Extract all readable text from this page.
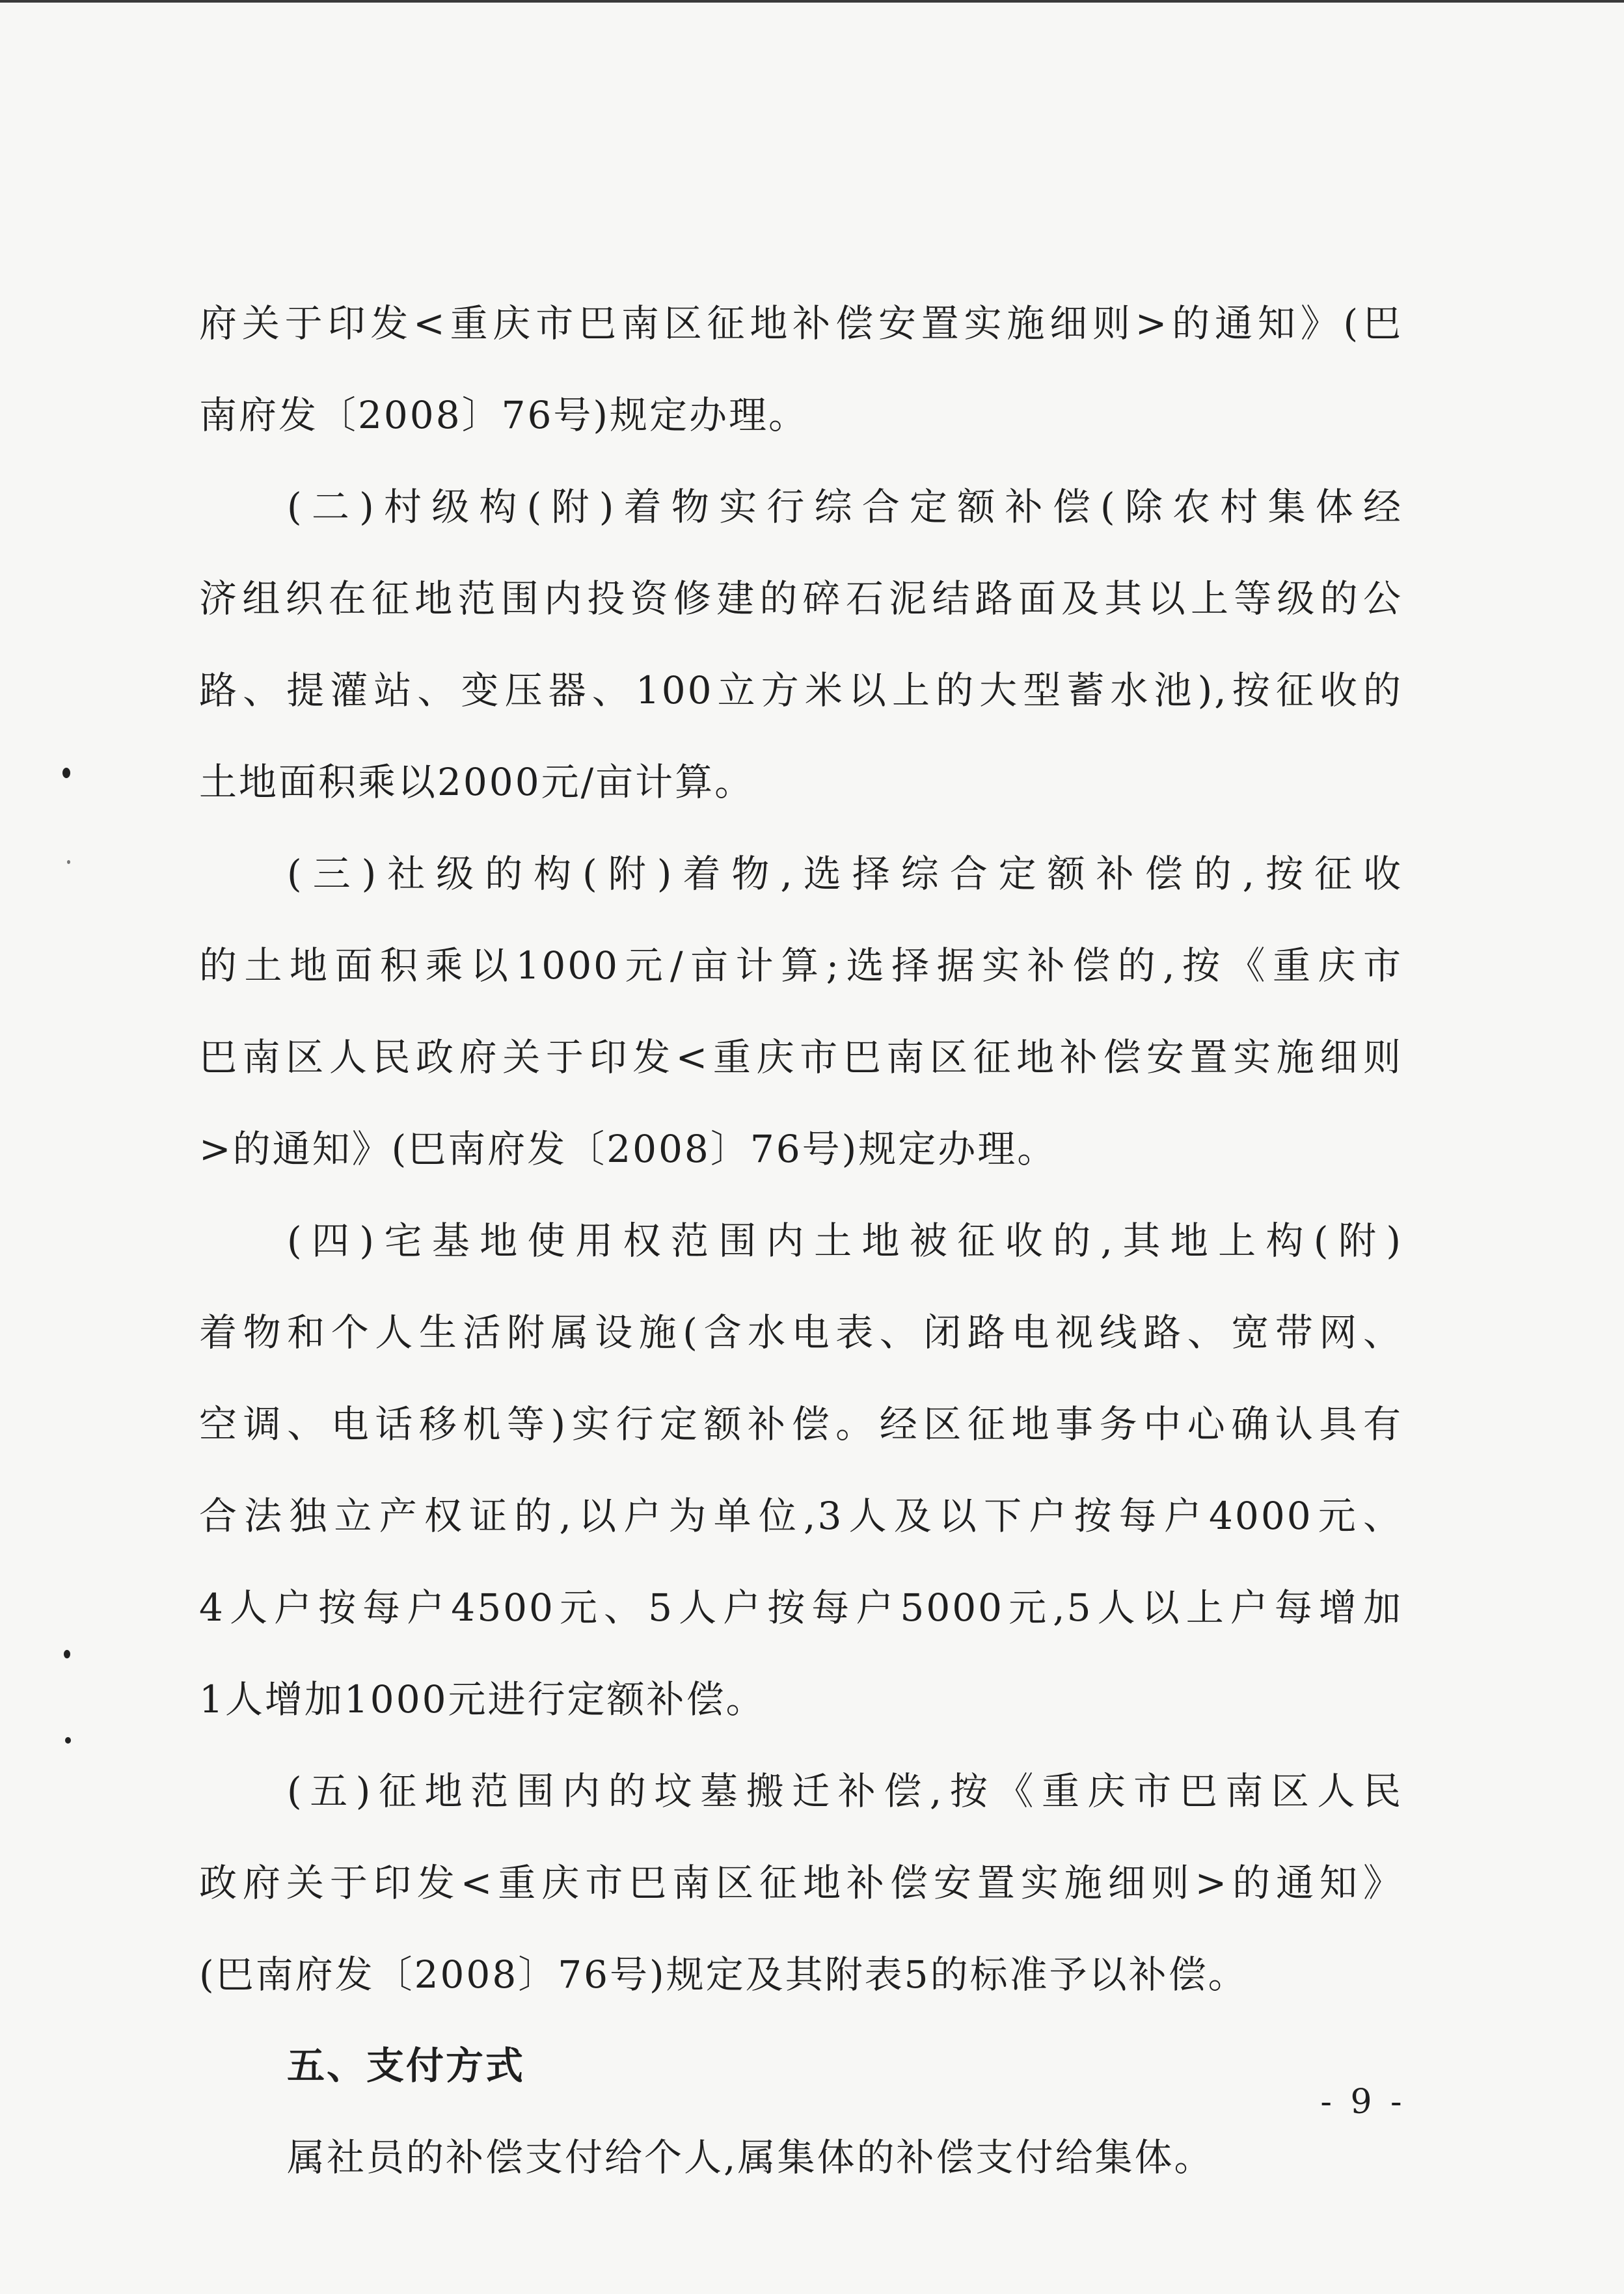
府关于印发<重庆市巴南区征地补偿安置实施细则>的通知》(巴
南府发〔2008〕76号)规定办理。
(二)村级构(附)着物实行综合定额补偿(除农村集体经
济组织在征地范围内投资修建的碎石泥结路面及其以上等级的公
路、提灌站、变压器、100立方米以上的大型蓄水池),按征收的
土地面积乘以2000元/亩计算。
(三)社级的构(附)着物,选择综合定额补偿的,按征收
的土地面积乘以1000元/亩计算;选择据实补偿的,按《重庆市
巴南区人民政府关于印发<重庆市巴南区征地补偿安置实施细则
>的通知》(巴南府发〔2008〕76号)规定办理。
(四)宅基地使用权范围内土地被征收的,其地上构(附)
着物和个人生活附属设施(含水电表、闭路电视线路、宽带网、
空调、电话移机等)实行定额补偿。经区征地事务中心确认具有
合法独立产权证的,以户为单位,3人及以下户按每户4000元、
4人户按每户4500元、5人户按每户5000元,5人以上户每增加
1人增加1000元进行定额补偿。
(五)征地范围内的坟墓搬迁补偿,按《重庆市巴南区人民
政府关于印发<重庆市巴南区征地补偿安置实施细则>的通知》
(巴南府发〔2008〕76号)规定及其附表5的标准予以补偿。
五、支付方式
属社员的补偿支付给个人,属集体的补偿支付给集体。
- 9 -
